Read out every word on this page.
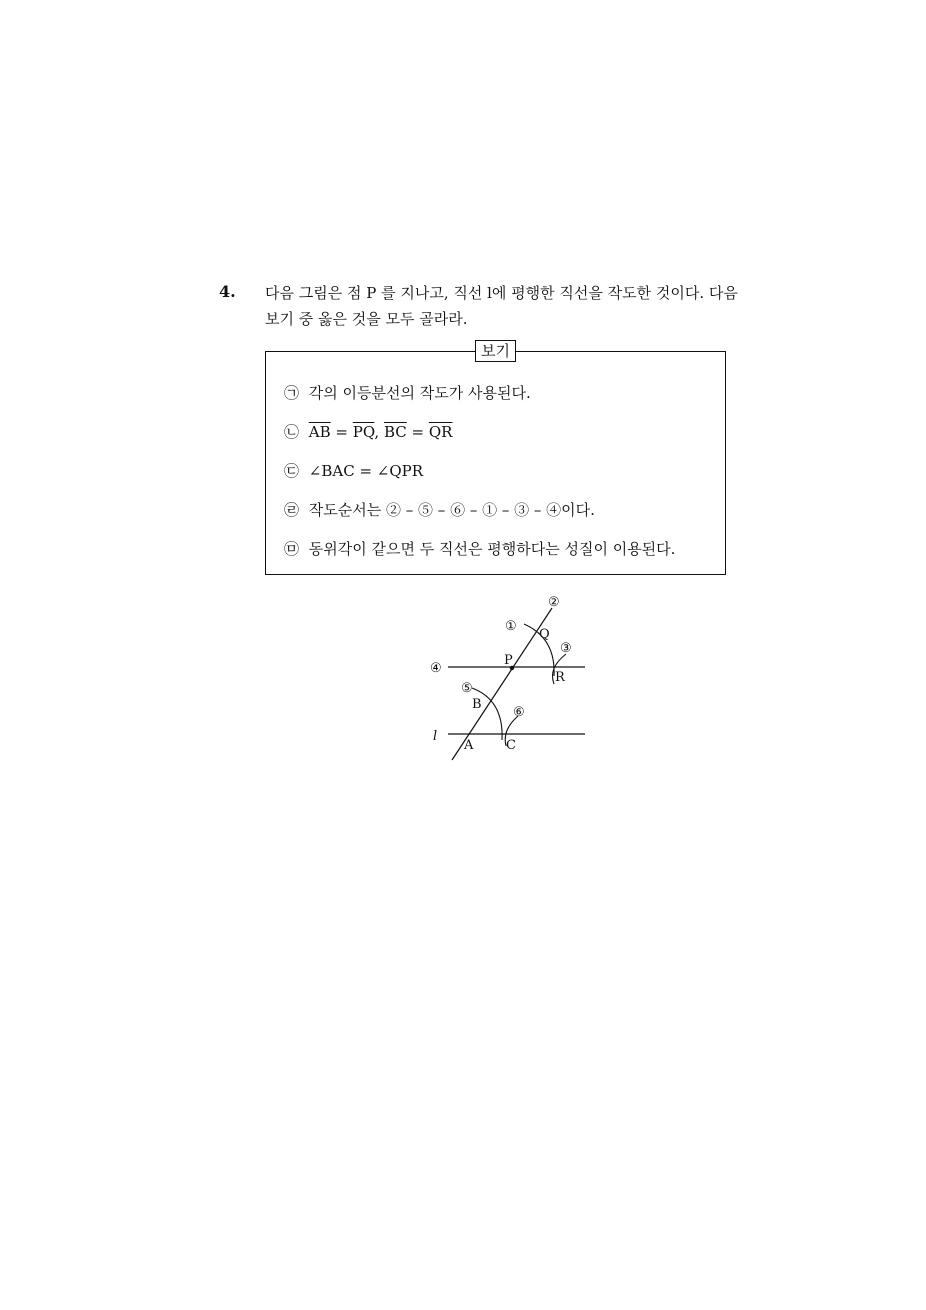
4. 다음 그림은 점 P 를 지나고, 직선 l에 평행한 직선을 작도한 것이다. 다음
보기 중 옳은 것을 모두 골라라.
보기
㉠ 각의 이등분선의 작도가 사용된다.
㉡ $\overline{AB} = \overline{PQ}$, $\overline{BC} = \overline{QR}$
㉢ ∠BAC = ∠QPR
㉣ 작도순서는 ② – ⑤ – ⑥ – ① – ③ – ④이다.
㉤ 동위각이 같으면 두 직선은 평행하다는 성질이 이용된다.
②
①
Q
③
P
④
R
⑤
B
⑥
l
A	C
